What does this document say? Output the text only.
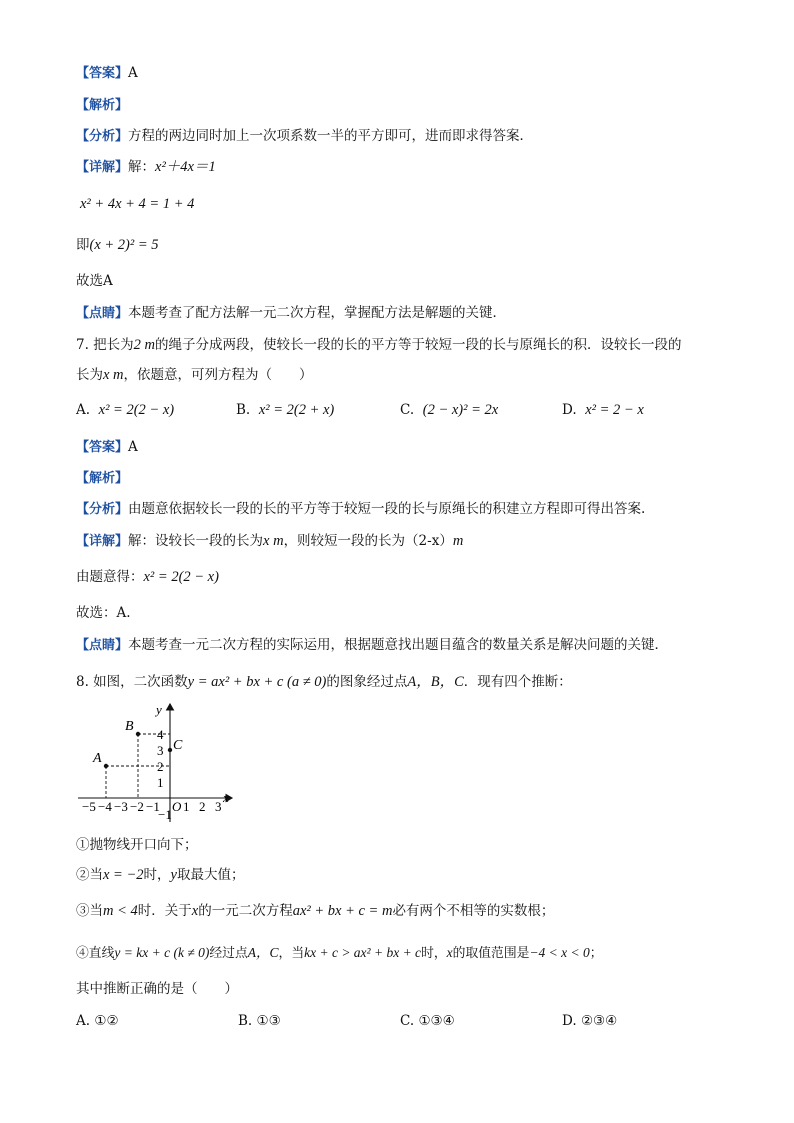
【答案】A
【解析】
【分析】方程的两边同时加上一次项系数一半的平方即可，进而即求得答案．
【详解】解：x²＋4x＝1
x² + 4x + 4 = 1 + 4
即(x + 2)² = 5
故选A
【点睛】本题考查了配方法解一元二次方程，掌握配方法是解题的关键．
7. 把长为2 m的绳子分成两段，使较长一段的长的平方等于较短一段的长与原绳长的积．设较长一段的
长为x m，依题意，可列方程为（　　）
A. x² = 2(2 − x)	B. x² = 2(2 + x)	C. (2 − x)² = 2x	D. x² = 2 − x
【答案】A
【解析】
【分析】由题意依据较长一段的长的平方等于较短一段的长与原绳长的积建立方程即可得出答案.
【详解】解：设较长一段的长为x m，则较短一段的长为（2-x）m
由题意得：x² = 2(2 − x)
故选：A.
【点睛】本题考查一元二次方程的实际运用，根据题意找出题目蕴含的数量关系是解决问题的关键．
8. 如图，二次函数y = ax² + bx + c (a ≠ 0)的图象经过点A，B，C．现有四个推断：
x
y
O
−5 −4 −3 −2 −1 1 2 3
4
3
2
1
−1
A
B
C
①抛物线开口向下；
②当x = −2时，y取最大值；
③当m < 4时．关于x的一元二次方程ax² + bx + c = m必有两个不相等的实数根；
④直线y = kx + c (k ≠ 0)经过点A，C，当kx + c > ax² + bx + c时，x的取值范围是−4 < x < 0；
其中推断正确的是（　　）
A. ①②	B. ①③	C. ①③④	D. ②③④
